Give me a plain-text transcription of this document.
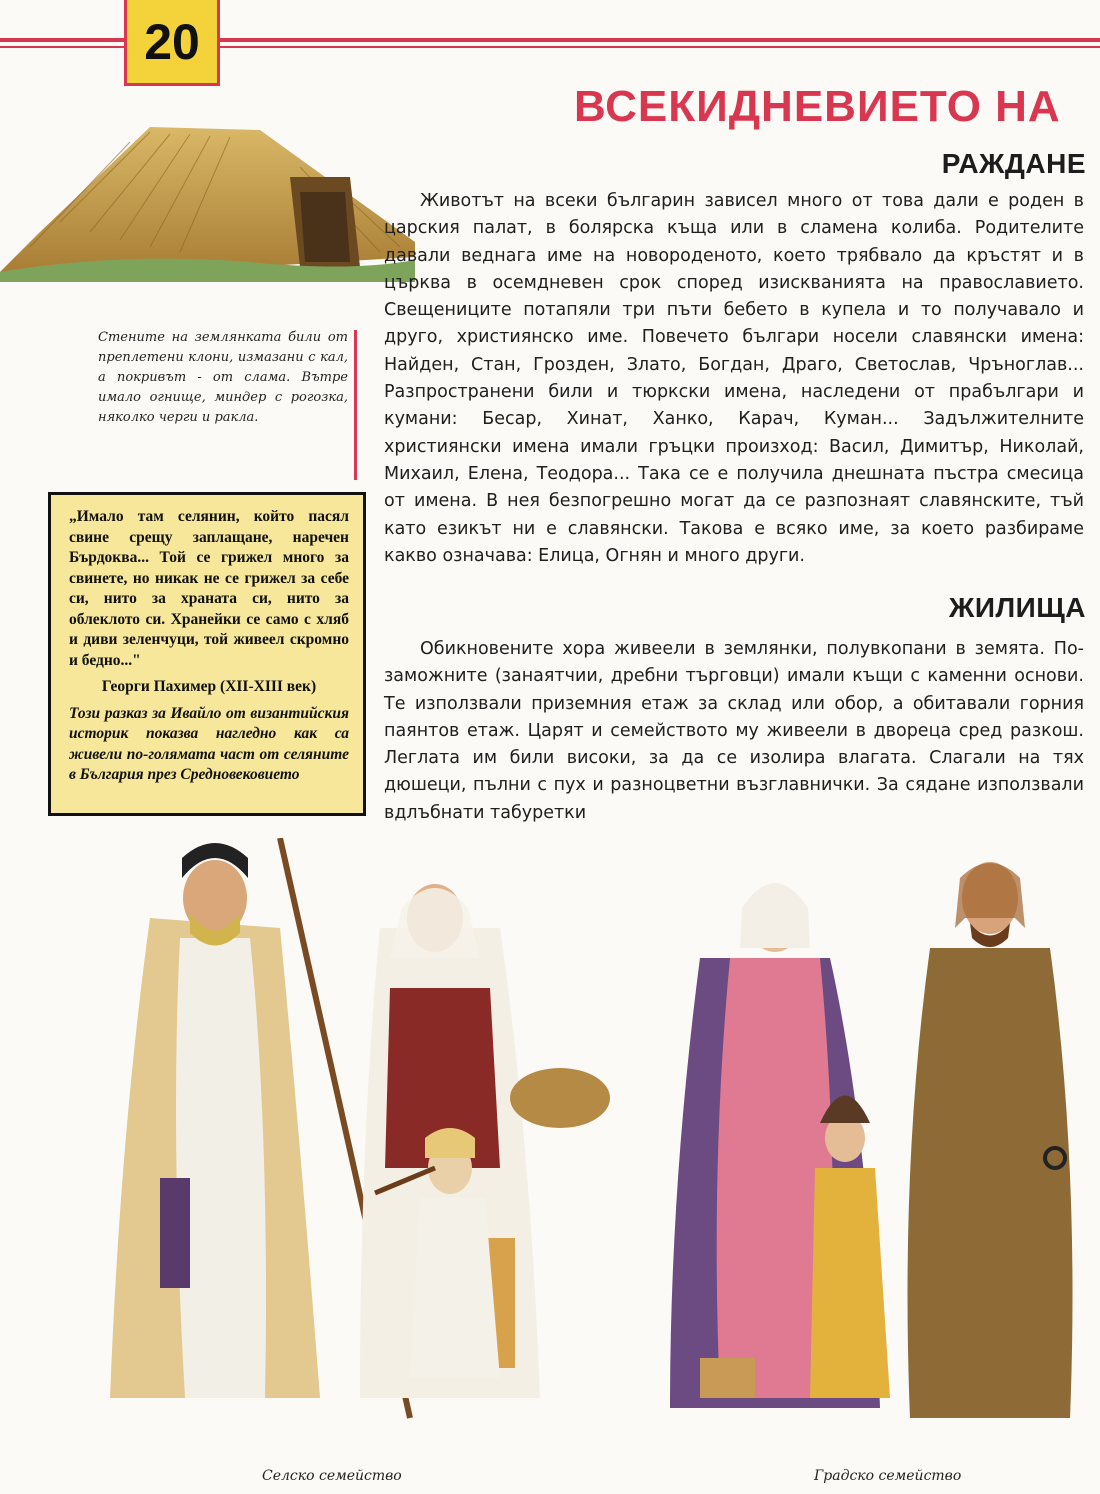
20
ВСЕКИДНЕВИЕТО НА
Стените на землянката били от преплетени клони, измазани с кал, а покривът - от слама. Вътре имало огнище, миндер с рогозка, няколко черги и ракла.

„Имало там селянин, който пасял свине срещу заплащане, наречен Бърдоква... Той се грижел много за свинете, но никак не се грижел за себе си, нито за храната си, нито за облеклото си. Хранейки се само с хляб и диви зеленчуци, той живеел скромно и бедно..."

Георги Пахимер (XII-XIII век)

Този разказ за Ивайло от византийския историк показва нагледно как са живели по-голямата част от селяните в България през Средновековието

РАЖДАНЕ

Животът на всеки българин зависел много от това дали е роден в царския палат, в болярска къща или в сламена колиба. Родителите давали веднага име на новороденото, което трябвало да кръстят и в църква в осемдневен срок според изискванията на православието. Свещениците потапяли три пъти бебето в купела и то получавало и друго, християнско име. Повечето българи носели славянски имена: Найден, Стан, Грозден, Злато, Богдан, Драго, Светослав, Чръноглав... Разпространени били и тюркски имена, наследени от прабългари и кумани: Бесар, Хинат, Ханко, Карач, Куман... Задължителните християнски имена имали гръцки произход: Васил, Димитър, Николай, Михаил, Елена, Теодора... Така се е получила днешната пъстра смесица от имена. В нея безпогрешно могат да се разпознаят славянските, тъй като езикът ни е славянски. Такова е всяко име, за което разбираме какво означава: Елица, Огнян и много други.

ЖИЛИЩА

Обикновените хора живеели в землянки, полувкопани в земята. По-заможните (занаятчии, дребни търговци) имали къщи с каменни основи. Те използвали приземния етаж за склад или обор, а обитавали горния паянтов етаж. Царят и семейството му живеели в двореца сред разкош. Леглата им били високи, за да се изолира влагата. Слагали на тях дюшеци, пълни с пух и разноцветни възглавнички. За сядане използвали вдлъбнати табуретки

Селско семейство	Градско семейство
